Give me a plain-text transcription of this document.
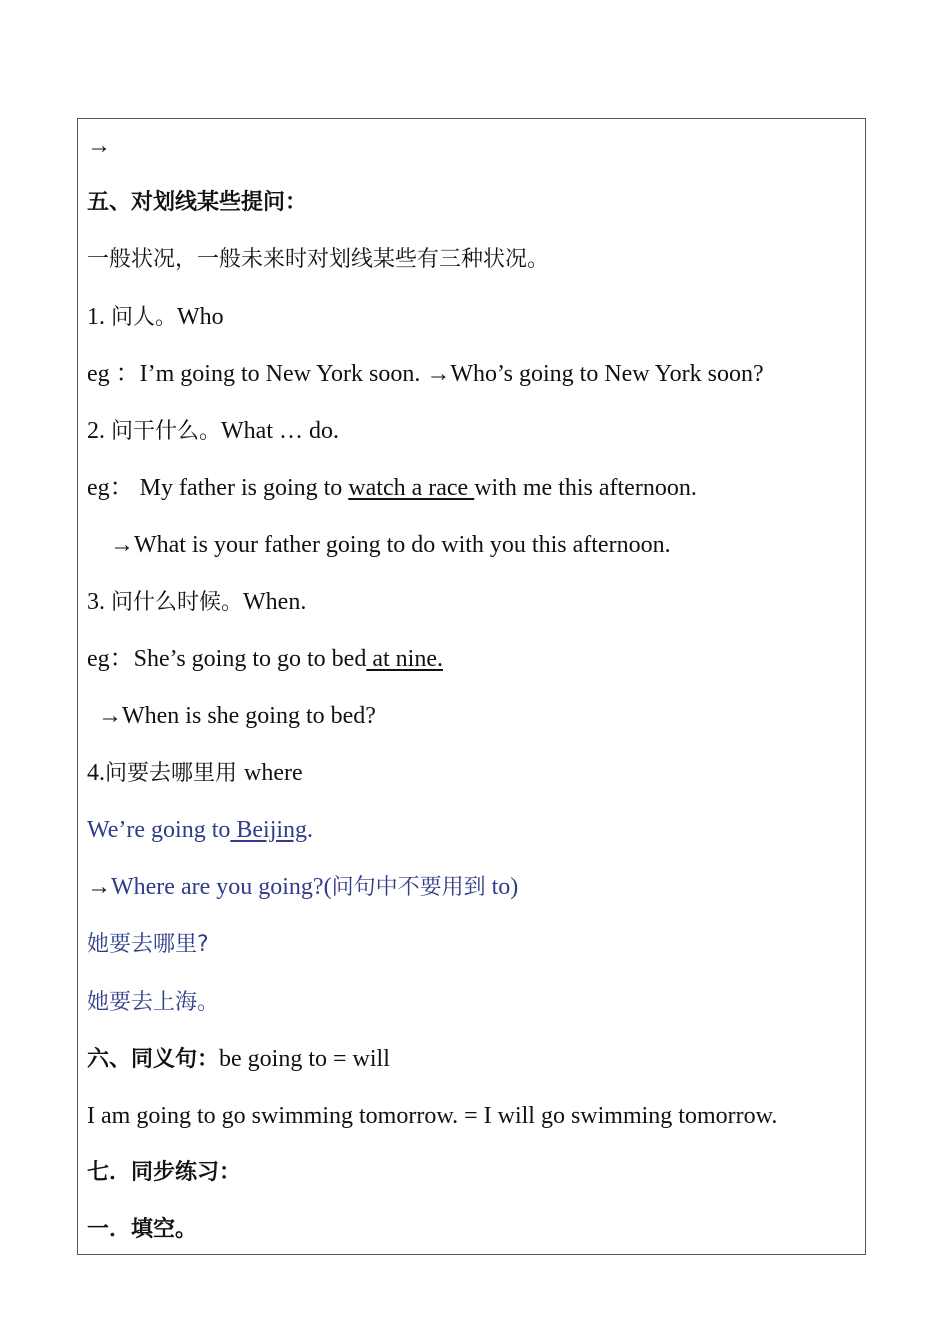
→
五、对划线某些提问：
一般状况，一般未来时对划线某些有三种状况。
1. 问人。Who
eg ：I’m going to New York soon. →Who’s going to New York soon?
2. 问干什么。What … do.
eg： My father is going to watch a race with me this afternoon.
→What is your father going to do with you this afternoon.
3. 问什么时候。When.
eg：She’s going to go to bed at nine.
→When is she going to bed?
4.问要去哪里用 where
We’re going to Beijing.
→Where are you going?(问句中不要用到 to)
她要去哪里?
她要去上海。
六、同义句：be going to = will
I am going to go swimming tomorrow. = I will go swimming tomorrow.
七．同步练习：
一．填空。
